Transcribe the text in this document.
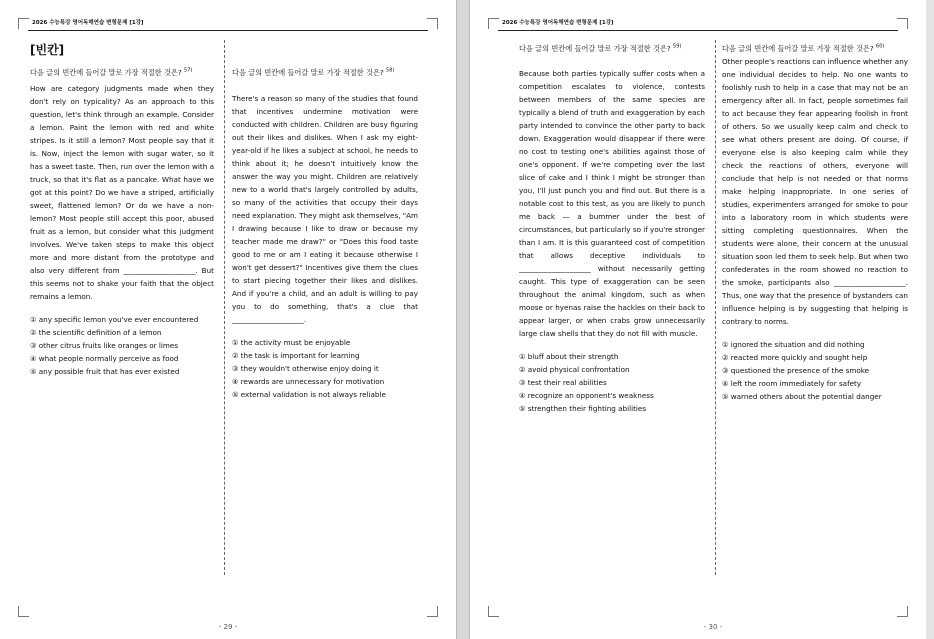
2026 수능특강 영어독해연습 변형문제 [1강]
[빈칸]

다음 글의 빈칸에 들어갈 말로 가장 적절한 것은? $^{57)}$

How are category judgments made when they don't rely on typicality? As an approach to this question, let's think through an example. Consider a lemon. Paint the lemon with red and white stripes. Is it still a lemon? Most people say that it is. Now, inject the lemon with sugar water, so it has a sweet taste. Then, run over the lemon with a truck, so that it's flat as a pancake. What have we got at this point? Do we have a striped, artificially sweet, flattened lemon? Or do we have a non-lemon? Most people still accept this poor, abused fruit as a lemon, but consider what this judgment involves. We've taken steps to make this object more and more distant from the prototype and also very different from ____________________. But this seems not to shake your faith that the object remains a lemon.

① any specific lemon you've ever encountered
② the scientific definition of a lemon
③ other citrus fruits like oranges or limes
④ what people normally perceive as food
⑤ any possible fruit that has ever existed

다음 글의 빈칸에 들어갈 말로 가장 적절한 것은? $^{58)}$

There's a reason so many of the studies that found that incentives undermine motivation were conducted with children. Children are busy figuring out their likes and dislikes. When I ask my eight-year-old if he likes a subject at school, he needs to think about it; he doesn't intuitively know the answer the way you might. Children are relatively new to a world that's largely controlled by adults, so many of the activities that occupy their days need explanation. They might ask themselves, "Am I drawing because I like to draw or because my teacher made me draw?" or "Does this food taste good to me or am I eating it because otherwise I won't get dessert?" Incentives give them the clues to start piecing together their likes and dislikes. And if you're a child, and an adult is willing to pay you to do something, that's a clue that ____________________.

① the activity must be enjoyable
② the task is important for learning
③ they wouldn't otherwise enjoy doing it
④ rewards are unnecessary for motivation
⑤ external validation is not always reliable
- 29 -
2026 수능특강 영어독해연습 변형문제 [1강]

다음 글의 빈칸에 들어갈 말로 가장 적절한 것은? $^{59)}$

Because both parties typically suffer costs when a competition escalates to violence, contests between members of the same species are typically a blend of truth and exaggeration by each party intended to convince the other party to back down. Exaggeration would disappear if there were no cost to testing one's abilities against those of one's opponent. If we're competing over the last slice of cake and I think I might be stronger than you, I'll just punch you and find out. But there is a notable cost to this test, as you are likely to punch me back — a bummer under the best of circumstances, but particularly so if you're stronger than I am. It is this guaranteed cost of competition that allows deceptive individuals to ____________________ without necessarily getting caught. This type of exaggeration can be seen throughout the animal kingdom, such as when moose or hyenas raise the hackles on their back to appear larger, or when crabs grow unnecessarily large claw shells that they do not fill with muscle.

① bluff about their strength
② avoid physical confrontation
③ test their real abilities
④ recognize an opponent's weakness
⑤ strengthen their fighting abilities

다음 글의 빈칸에 들어갈 말로 가장 적절한 것은? $^{60)}$

Other people's reactions can influence whether any one individual decides to help. No one wants to foolishly rush to help in a case that may not be an emergency after all. In fact, people sometimes fail to act because they fear appearing foolish in front of others. So we usually keep calm and check to see what others present are doing. Of course, if everyone else is also keeping calm while they check the reactions of others, everyone will conclude that help is not needed or that norms make helping inappropriate. In one series of studies, experimenters arranged for smoke to pour into a laboratory room in which students were sitting completing questionnaires. When the students were alone, their concern at the unusual situation soon led them to seek help. But when two confederates in the room showed no reaction to the smoke, participants also ____________________. Thus, one way that the presence of bystanders can influence helping is by suggesting that helping is contrary to norms.

① ignored the situation and did nothing
② reacted more quickly and sought help
③ questioned the presence of the smoke
④ left the room immediately for safety
⑤ warned others about the potential danger
- 30 -
